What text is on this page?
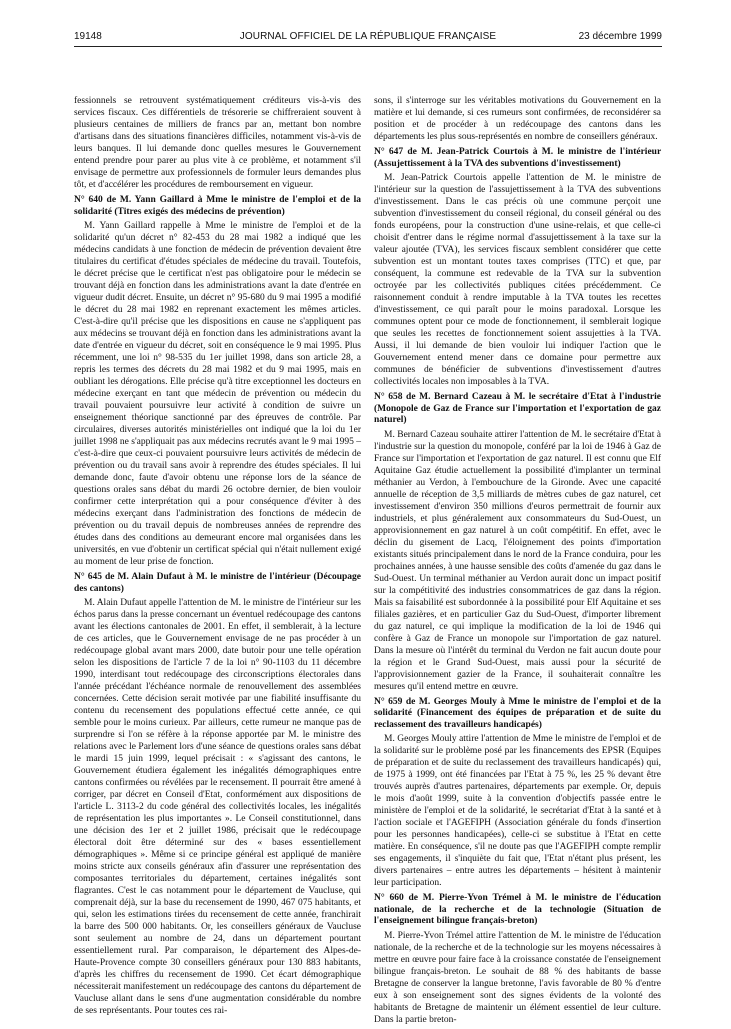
19148	JOURNAL OFFICIEL DE LA RÉPUBLIQUE FRANÇAISE	23 décembre 1999

fessionnels se retrouvent systématiquement créditeurs vis-à-vis des services fiscaux. Ces différentiels de trésorerie se chiffreraient souvent à plusieurs centaines de milliers de francs par an, mettant bon nombre d'artisans dans des situations financières difficiles, notamment vis-à-vis de leurs banques. Il lui demande donc quelles mesures le Gouvernement entend prendre pour parer au plus vite à ce problème, et notamment s'il envisage de permettre aux professionnels de formuler leurs demandes plus tôt, et d'accélérer les procédures de remboursement en vigueur.

N° 640 de M. Yann Gaillard à Mme le ministre de l'emploi et de la solidarité (Titres exigés des médecins de prévention)

M. Yann Gaillard rappelle à Mme le ministre de l'emploi et de la solidarité qu'un décret n° 82-453 du 28 mai 1982 a indiqué que les médecins candidats à une fonction de médecin de prévention devaient être titulaires du certificat d'études spéciales de médecine du travail. Toutefois, le décret précise que le certificat n'est pas obligatoire pour le médecin se trouvant déjà en fonction dans les administrations avant la date d'entrée en vigueur dudit décret. Ensuite, un décret n° 95-680 du 9 mai 1995 a modifié le décret du 28 mai 1982 en reprenant exactement les mêmes articles. C'est-à-dire qu'il précise que les dispositions en cause ne s'appliquent pas aux médecins se trouvant déjà en fonction dans les administrations avant la date d'entrée en vigueur du décret, soit en conséquence le 9 mai 1995. Plus récemment, une loi n° 98-535 du 1er juillet 1998, dans son article 28, a repris les termes des décrets du 28 mai 1982 et du 9 mai 1995, mais en oubliant les dérogations. Elle précise qu'à titre exceptionnel les docteurs en médecine exerçant en tant que médecin de prévention ou médecin du travail pouvaient poursuivre leur activité à condition de suivre un enseignement théorique sanctionné par des épreuves de contrôle. Par circulaires, diverses autorités ministérielles ont indiqué que la loi du 1er juillet 1998 ne s'appliquait pas aux médecins recrutés avant le 9 mai 1995 – c'est-à-dire que ceux-ci pouvaient poursuivre leurs activités de médecin de prévention ou du travail sans avoir à reprendre des études spéciales. Il lui demande donc, faute d'avoir obtenu une réponse lors de la séance de questions orales sans débat du mardi 26 octobre dernier, de bien vouloir confirmer cette interprétation qui a pour conséquence d'éviter à des médecins exerçant dans l'administration des fonctions de médecin de prévention ou du travail depuis de nombreuses années de reprendre des études dans des conditions au demeurant encore mal organisées dans les universités, en vue d'obtenir un certificat spécial qui n'était nullement exigé au moment de leur prise de fonction.

N° 645 de M. Alain Dufaut à M. le ministre de l'intérieur (Découpage des cantons)

M. Alain Dufaut appelle l'attention de M. le ministre de l'intérieur sur les échos parus dans la presse concernant un éventuel redécoupage des cantons avant les élections cantonales de 2001. En effet, il semblerait, à la lecture de ces articles, que le Gouvernement envisage de ne pas procéder à un redécoupage global avant mars 2000, date butoir pour une telle opération selon les dispositions de l'article 7 de la loi n° 90-1103 du 11 décembre 1990, interdisant tout redécoupage des circonscriptions électorales dans l'année précédant l'échéance normale de renouvellement des assemblées concernées. Cette décision serait motivée par une fiabilité insuffisante du contenu du recensement des populations effectué cette année, ce qui semble pour le moins curieux. Par ailleurs, cette rumeur ne manque pas de surprendre si l'on se réfère à la réponse apportée par M. le ministre des relations avec le Parlement lors d'une séance de questions orales sans débat le mardi 15 juin 1999, lequel précisait : « s'agissant des cantons, le Gouvernement étudiera également les inégalités démographiques entre cantons confirmées ou révélées par le recensement. Il pourrait être amené à corriger, par décret en Conseil d'Etat, conformément aux dispositions de l'article L. 3113-2 du code général des collectivités locales, les inégalités de représentation les plus importantes ». Le Conseil constitutionnel, dans une décision des 1er et 2 juillet 1986, précisait que le redécoupage électoral doit être déterminé sur des « bases essentiellement démographiques ». Même si ce principe général est appliqué de manière moins stricte aux conseils généraux afin d'assurer une représentation des composantes territoriales du département, certaines inégalités sont flagrantes. C'est le cas notamment pour le département de Vaucluse, qui comprenait déjà, sur la base du recensement de 1990, 467 075 habitants, et qui, selon les estimations tirées du recensement de cette année, franchirait la barre des 500 000 habitants. Or, les conseillers généraux de Vaucluse sont seulement au nombre de 24, dans un département pourtant essentiellement rural. Par comparaison, le département des Alpes-de-Haute-Provence compte 30 conseillers généraux pour 130 883 habitants, d'après les chiffres du recensement de 1990. Cet écart démographique nécessiterait manifestement un redécoupage des cantons du département de Vaucluse allant dans le sens d'une augmentation considérable du nombre de ses représentants. Pour toutes ces rai-

sons, il s'interroge sur les véritables motivations du Gouvernement en la matière et lui demande, si ces rumeurs sont confirmées, de reconsidérer sa position et de procéder à un redécoupage des cantons dans les départements les plus sous-représentés en nombre de conseillers généraux.

N° 647 de M. Jean-Patrick Courtois à M. le ministre de l'intérieur (Assujettissement à la TVA des subventions d'investissement)

M. Jean-Patrick Courtois appelle l'attention de M. le ministre de l'intérieur sur la question de l'assujettissement à la TVA des subventions d'investissement. Dans le cas précis où une commune perçoit une subvention d'investissement du conseil régional, du conseil général ou des fonds européens, pour la construction d'une usine-relais, et que celle-ci choisit d'entrer dans le régime normal d'assujettissement à la taxe sur la valeur ajoutée (TVA), les services fiscaux semblent considérer que cette subvention est un montant toutes taxes comprises (TTC) et que, par conséquent, la commune est redevable de la TVA sur la subvention octroyée par les collectivités publiques citées précédemment. Ce raisonnement conduit à rendre imputable à la TVA toutes les recettes d'investissement, ce qui paraît pour le moins paradoxal. Lorsque les communes optent pour ce mode de fonctionnement, il semblerait logique que seules les recettes de fonctionnement soient assujetties à la TVA. Aussi, il lui demande de bien vouloir lui indiquer l'action que le Gouvernement entend mener dans ce domaine pour permettre aux communes de bénéficier de subventions d'investissement d'autres collectivités locales non imposables à la TVA.

N° 658 de M. Bernard Cazeau à M. le secrétaire d'Etat à l'industrie (Monopole de Gaz de France sur l'importation et l'exportation de gaz naturel)

M. Bernard Cazeau souhaite attirer l'attention de M. le secrétaire d'Etat à l'industrie sur la question du monopole, conféré par la loi de 1946 à Gaz de France sur l'importation et l'exportation de gaz naturel. Il est connu que Elf Aquitaine Gaz étudie actuellement la possibilité d'implanter un terminal méthanier au Verdon, à l'embouchure de la Gironde. Avec une capacité annuelle de réception de 3,5 milliards de mètres cubes de gaz naturel, cet investissement d'environ 350 millions d'euros permettrait de fournir aux industriels, et plus généralement aux consommateurs du Sud-Ouest, un approvisionnement en gaz naturel à un coût compétitif. En effet, avec le déclin du gisement de Lacq, l'éloignement des points d'importation existants situés principalement dans le nord de la France conduira, pour les prochaines années, à une hausse sensible des coûts d'amenée du gaz dans le Sud-Ouest. Un terminal méthanier au Verdon aurait donc un impact positif sur la compétitivité des industries consommatrices de gaz dans la région. Mais sa faisabilité est subordonnée à la possibilité pour Elf Aquitaine et ses filiales gazières, et en particulier Gaz du Sud-Ouest, d'importer librement du gaz naturel, ce qui implique la modification de la loi de 1946 qui confère à Gaz de France un monopole sur l'importation de gaz naturel. Dans la mesure où l'intérêt du terminal du Verdon ne fait aucun doute pour la région et le Grand Sud-Ouest, mais aussi pour la sécurité de l'approvisionnement gazier de la France, il souhaiterait connaître les mesures qu'il entend mettre en œuvre.

N° 659 de M. Georges Mouly à Mme le ministre de l'emploi et de la solidarité (Financement des équipes de préparation et de suite du reclassement des travailleurs handicapés)

M. Georges Mouly attire l'attention de Mme le ministre de l'emploi et de la solidarité sur le problème posé par les financements des EPSR (Equipes de préparation et de suite du reclassement des travailleurs handicapés) qui, de 1975 à 1999, ont été financées par l'Etat à 75 %, les 25 % devant être trouvés auprès d'autres partenaires, départements par exemple. Or, depuis le mois d'août 1999, suite à la convention d'objectifs passée entre le ministère de l'emploi et de la solidarité, le secrétariat d'Etat à la santé et à l'action sociale et l'AGEFIPH (Association générale du fonds d'insertion pour les personnes handicapées), celle-ci se substitue à l'Etat en cette matière. En conséquence, s'il ne doute pas que l'AGEFIPH compte remplir ses engagements, il s'inquiète du fait que, l'Etat n'étant plus présent, les divers partenaires – entre autres les départements – hésitent à maintenir leur participation.

N° 660 de M. Pierre-Yvon Trémel à M. le ministre de l'éducation nationale, de la recherche et de la technologie (Situation de l'enseignement bilingue français-breton)

M. Pierre-Yvon Trémel attire l'attention de M. le ministre de l'éducation nationale, de la recherche et de la technologie sur les moyens nécessaires à mettre en œuvre pour faire face à la croissance constatée de l'enseignement bilingue français-breton. Le souhait de 88 % des habitants de basse Bretagne de conserver la langue bretonne, l'avis favorable de 80 % d'entre eux à son enseignement sont des signes évidents de la volonté des habitants de Bretagne de maintenir un élément essentiel de leur culture. Dans la partie breton-
